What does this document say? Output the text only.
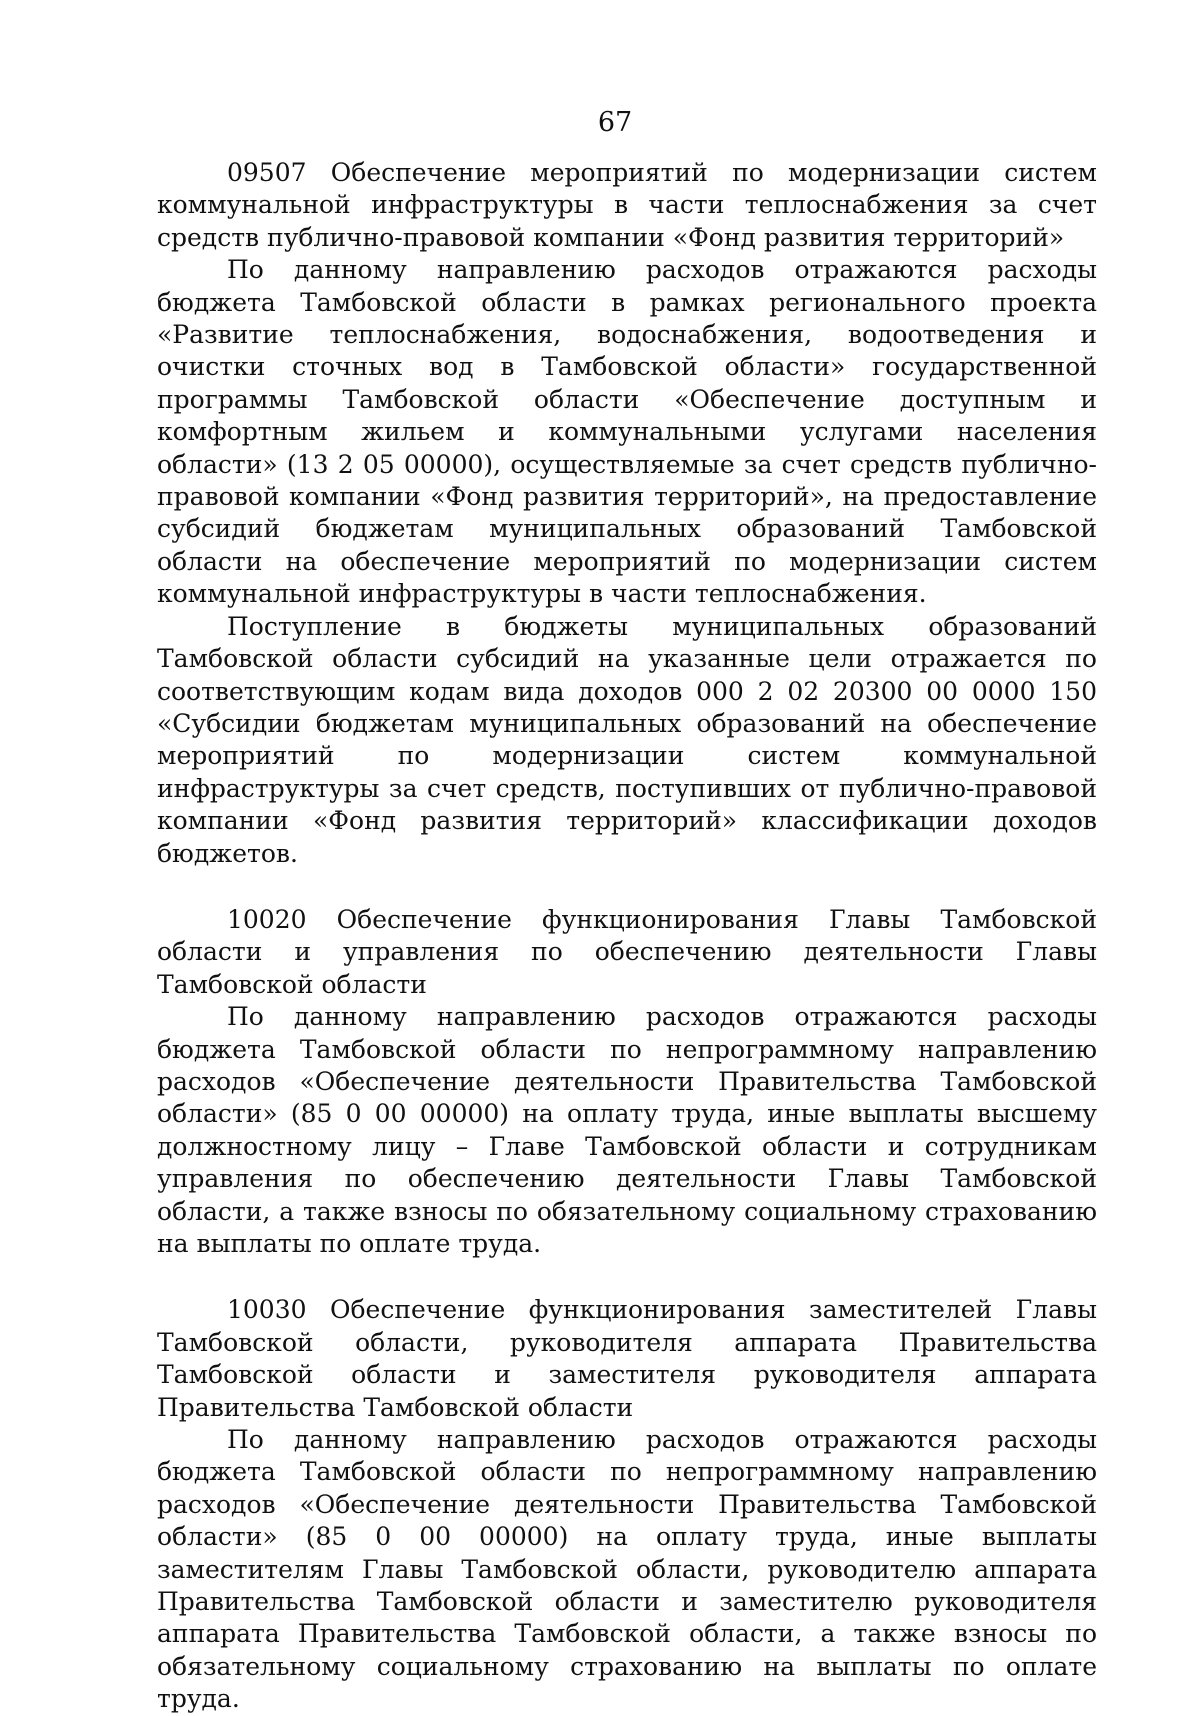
67

09507 Обеспечение мероприятий по модернизации систем коммунальной инфраструктуры в части теплоснабжения за счет средств публично-правовой компании «Фонд развития территорий»

По данному направлению расходов отражаются расходы бюджета Тамбовской области в рамках регионального проекта «Развитие теплоснабжения, водоснабжения, водоотведения и очистки сточных вод в Тамбовской области» государственной программы Тамбовской области «Обеспечение доступным и комфортным жильем и коммунальными услугами населения области» (13 2 05 00000), осуществляемые за счет средств публично-правовой компании «Фонд развития территорий», на предоставление субсидий бюджетам муниципальных образований Тамбовской области на обеспечение мероприятий по модернизации систем коммунальной инфраструктуры в части теплоснабжения.

Поступление в бюджеты муниципальных образований Тамбовской области субсидий на указанные цели отражается по соответствующим кодам вида доходов 000 2 02 20300 00 0000 150 «Субсидии бюджетам муниципальных образований на обеспечение мероприятий по модернизации систем коммунальной инфраструктуры за счет средств, поступивших от публично-правовой компании «Фонд развития территорий» классификации доходов бюджетов.

10020 Обеспечение функционирования Главы Тамбовской области и управления по обеспечению деятельности Главы Тамбовской области

По данному направлению расходов отражаются расходы бюджета Тамбовской области по непрограммному направлению расходов «Обеспечение деятельности Правительства Тамбовской области» (85 0 00 00000) на оплату труда, иные выплаты высшему должностному лицу – Главе Тамбовской области и сотрудникам управления по обеспечению деятельности Главы Тамбовской области, а также взносы по обязательному социальному страхованию на выплаты по оплате труда.

10030 Обеспечение функционирования заместителей Главы Тамбовской области, руководителя аппарата Правительства Тамбовской области и заместителя руководителя аппарата Правительства Тамбовской области

По данному направлению расходов отражаются расходы бюджета Тамбовской области по непрограммному направлению расходов «Обеспечение деятельности Правительства Тамбовской области» (85 0 00 00000) на оплату труда, иные выплаты заместителям Главы Тамбовской области, руководителю аппарата Правительства Тамбовской области и заместителю руководителя аппарата Правительства Тамбовской области, а также взносы по обязательному социальному страхованию на выплаты по оплате труда.
